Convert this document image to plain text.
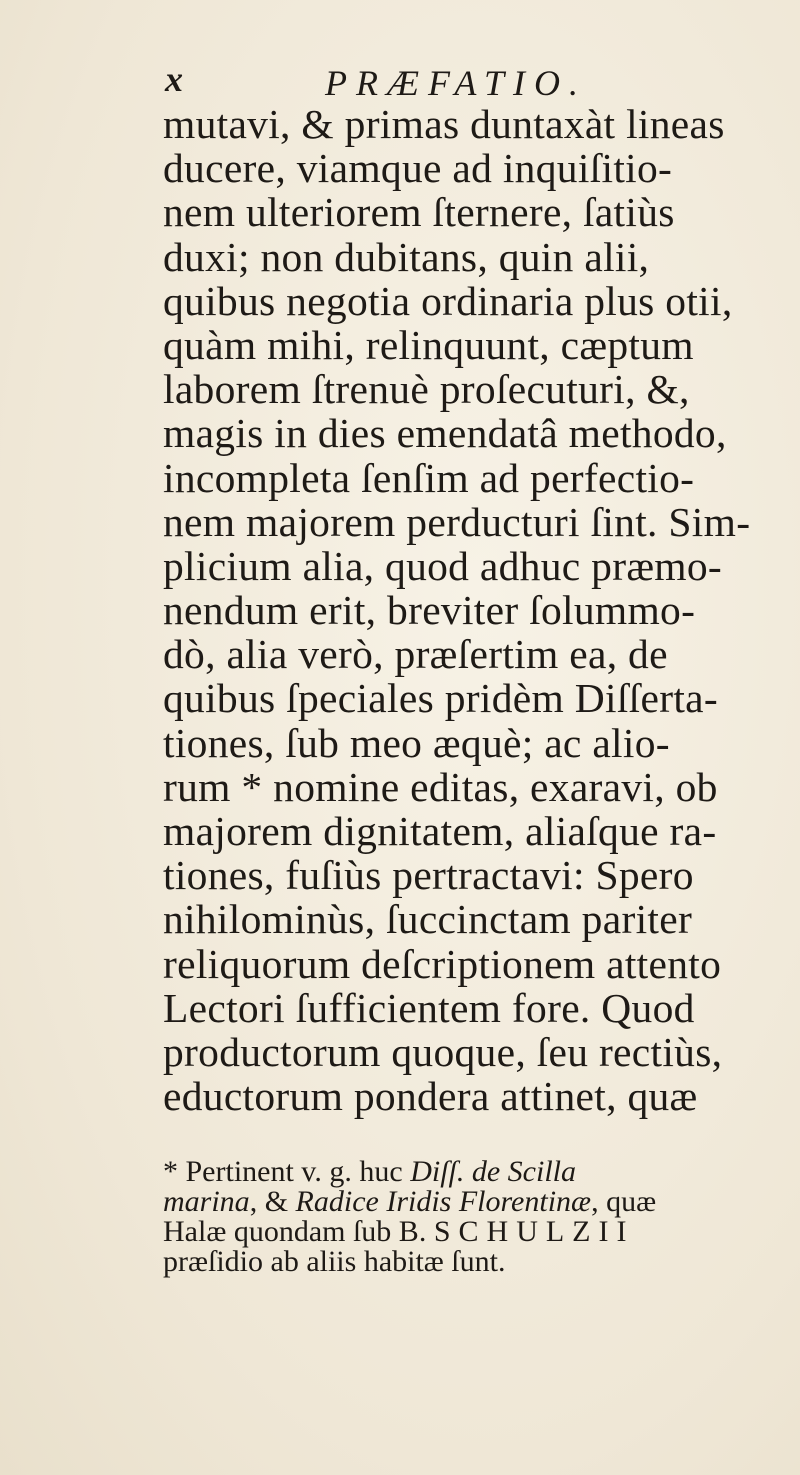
x	PRÆFATIO.
mutavi, & primas duntaxàt lineas
ducere, viamque ad inquiſitio-
nem ulteriorem ſternere, ſatiùs
duxi; non dubitans, quin alii,
quibus negotia ordinaria plus otii,
quàm mihi, relinquunt, cæptum
laborem ſtrenuè proſecuturi, &,
magis in dies emendatâ methodo,
incompleta ſenſim ad perfectio-
nem majorem perducturi ſint. Sim-
plicium alia, quod adhuc præmo-
nendum erit, breviter ſolummo-
dò, alia verò, præſertim ea, de
quibus ſpeciales pridèm Diſſerta-
tiones, ſub meo æquè; ac alio-
rum * nomine editas, exaravi, ob
majorem dignitatem, aliaſque ra-
tiones, fuſiùs pertractavi: Spero
nihilominùs, ſuccinctam pariter
reliquorum deſcriptionem attento
Lectori ſufficientem fore. Quod
productorum quoque, ſeu rectiùs,
eductorum pondera attinet, quæ
* Pertinent v. g. huc Diſſ. de Scilla
marina, & Radice Iridis Florentinæ, quæ
Halæ quondam ſub B. SCHULZII
præſidio ab aliis habitæ ſunt.
